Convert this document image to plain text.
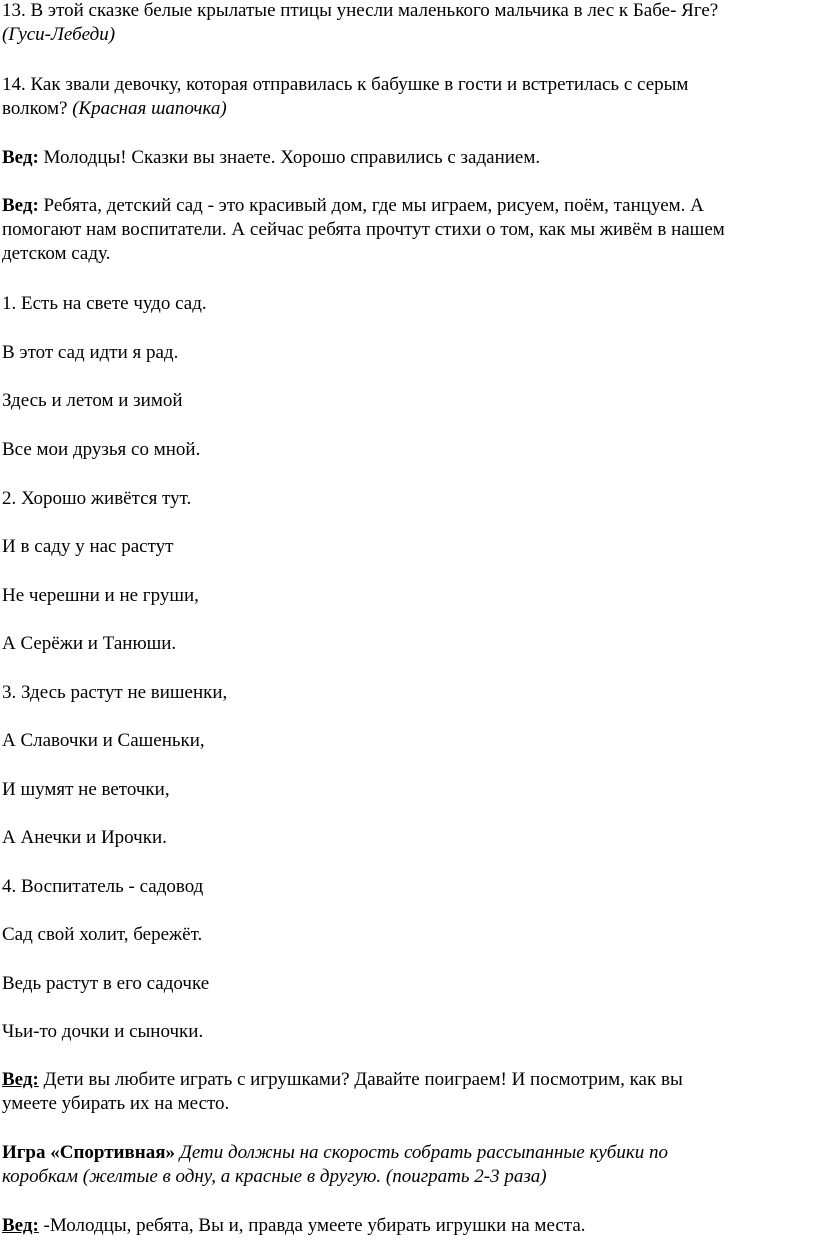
13. В этой сказке белые крылатые птицы унесли маленького мальчика в лес к Бабе- Яге?
(Гуси-Лебеди)
14. Как звали девочку, которая отправилась к бабушке в гости и встретилась с серым
волком? (Красная шапочка)
Вед: Молодцы! Сказки вы знаете. Хорошо справились с заданием.
Вед: Ребята, детский сад - это красивый дом, где мы играем, рисуем, поём, танцуем. А
помогают нам воспитатели. А сейчас ребята прочтут стихи о том, как мы живём в нашем
детском саду.
1. Есть на свете чудо сад.
В этот сад идти я рад.
Здесь и летом и зимой
Все мои друзья со мной.
2. Хорошо живётся тут.
И в саду у нас растут
Не черешни и не груши,
А Серёжи и Танюши.
3. Здесь растут не вишенки,
А Славочки и Сашеньки,
И шумят не веточки,
А Анечки и Ирочки.
4. Воспитатель - садовод
Сад свой холит, бережёт.
Ведь растут в его садочке
Чьи-то дочки и сыночки.
Вед: Дети вы любите играть с игрушками? Давайте поиграем! И посмотрим, как вы
умеете убирать их на место.
Игра «Спортивная» Дети должны на скорость собрать рассыпанные кубики по
коробкам (желтые в одну, а красные в другую. (поиграть 2-3 раза)
Вед: -Молодцы, ребята, Вы и, правда умеете убирать игрушки на места.
